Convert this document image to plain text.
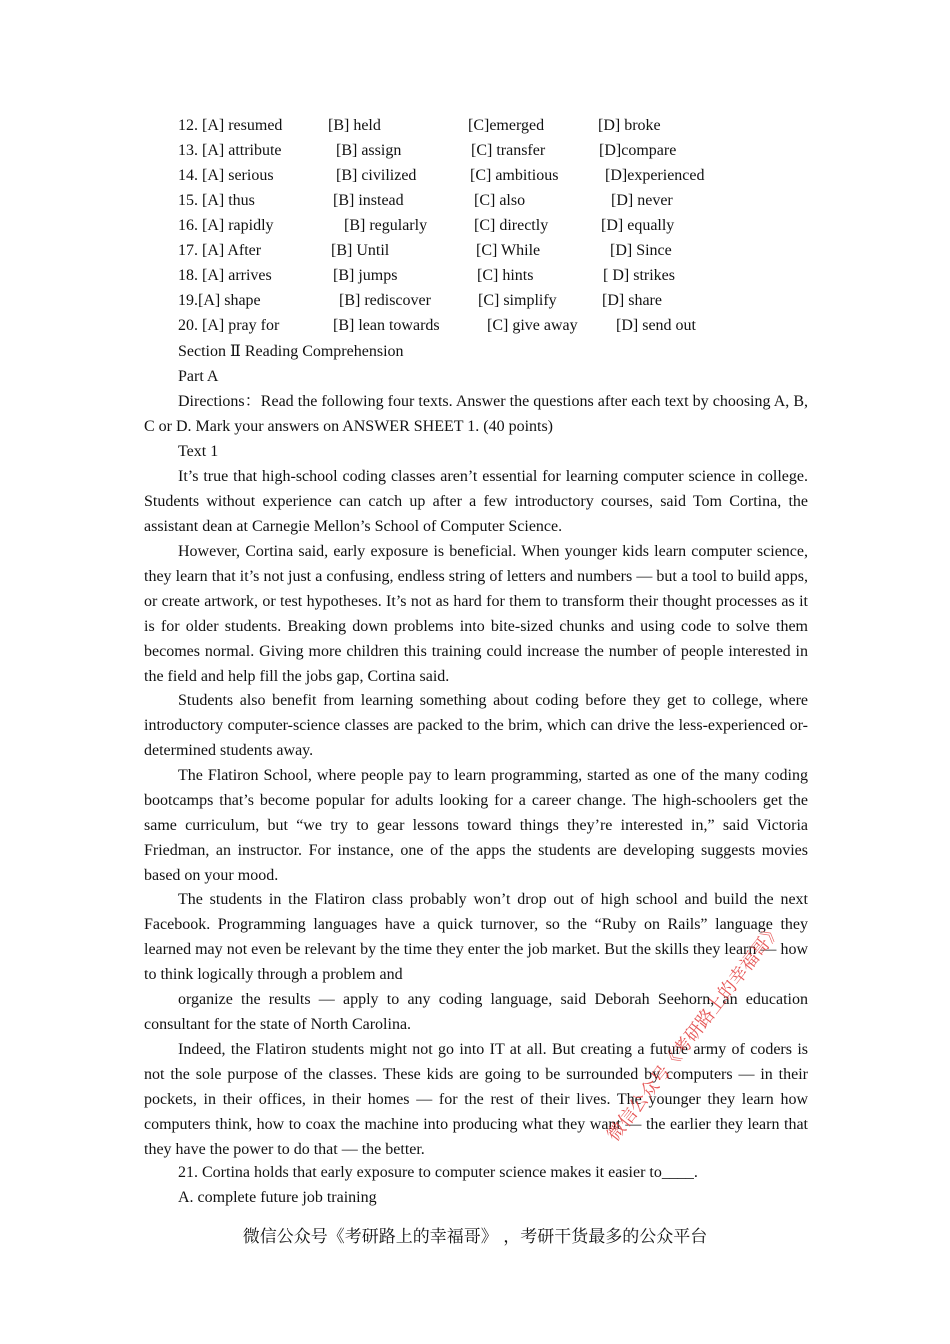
12. [A] resumed	[B] held	[C]emerged	[D] broke
13. [A] attribute	[B] assign	[C] transfer	[D]compare
14. [A] serious	[B] civilized	[C] ambitious	[D]experienced
15. [A] thus	[B] instead	[C] also	[D] never
16. [A] rapidly	[B] regularly	[C] directly	[D] equally
17. [A] After	[B] Until	[C] While	[D] Since
18. [A] arrives	[B] jumps	[C] hints	[ D] strikes
19.[A] shape	[B] rediscover	[C] simplify	[D] share
20. [A] pray for	[B] lean towards	[C] give away [D] send out
Section Ⅱ Reading Comprehension
Part A

Directions：Read the following four texts. Answer the questions after each text by choosing A, B, C or D. Mark your answers on ANSWER SHEET 1. (40 points)

Text 1

It’s true that high-school coding classes aren’t essential for learning computer science in college. Students without experience can catch up after a few introductory courses, said Tom Cortina, the assistant dean at Carnegie Mellon’s School of Computer Science.

However, Cortina said, early exposure is beneficial. When younger kids learn computer science, they learn that it’s not just a confusing, endless string of letters and numbers — but a tool to build apps, or create artwork, or test hypotheses. It’s not as hard for them to transform their thought processes as it is for older students. Breaking down problems into bite-sized chunks and using code to solve them becomes normal. Giving more children this training could increase the number of people interested in the field and help fill the jobs gap, Cortina said.

Students also benefit from learning something about coding before they get to college, where introductory computer-science classes are packed to the brim, which can drive the less-experienced or-determined students away.

The Flatiron School, where people pay to learn programming, started as one of the many coding bootcamps that’s become popular for adults looking for a career change. The high-schoolers get the same curriculum, but “we try to gear lessons toward things they’re interested in,” said Victoria Friedman, an instructor. For instance, one of the apps the students are developing suggests movies based on your mood.

The students in the Flatiron class probably won’t drop out of high school and build the next Facebook. Programming languages have a quick turnover, so the “Ruby on Rails” language they learned may not even be relevant by the time they enter the job market. But the skills they learn — how to think logically through a problem and

organize the results — apply to any coding language, said Deborah Seehorn, an education consultant for the state of North Carolina.

Indeed, the Flatiron students might not go into IT at all. But creating a future army of coders is not the sole purpose of the classes. These kids are going to be surrounded by computers — in their pockets, in their offices, in their homes — for the rest of their lives. The younger they learn how computers think, how to coax the machine into producing what they want — the earlier they learn that they have the power to do that — the better.

21. Cortina holds that early exposure to computer science makes it easier to____.
A. complete future job training
微信公众号《考研路上的幸福哥》
微信公众号《考研路上的幸福哥》 ，考研干货最多的公众平台
